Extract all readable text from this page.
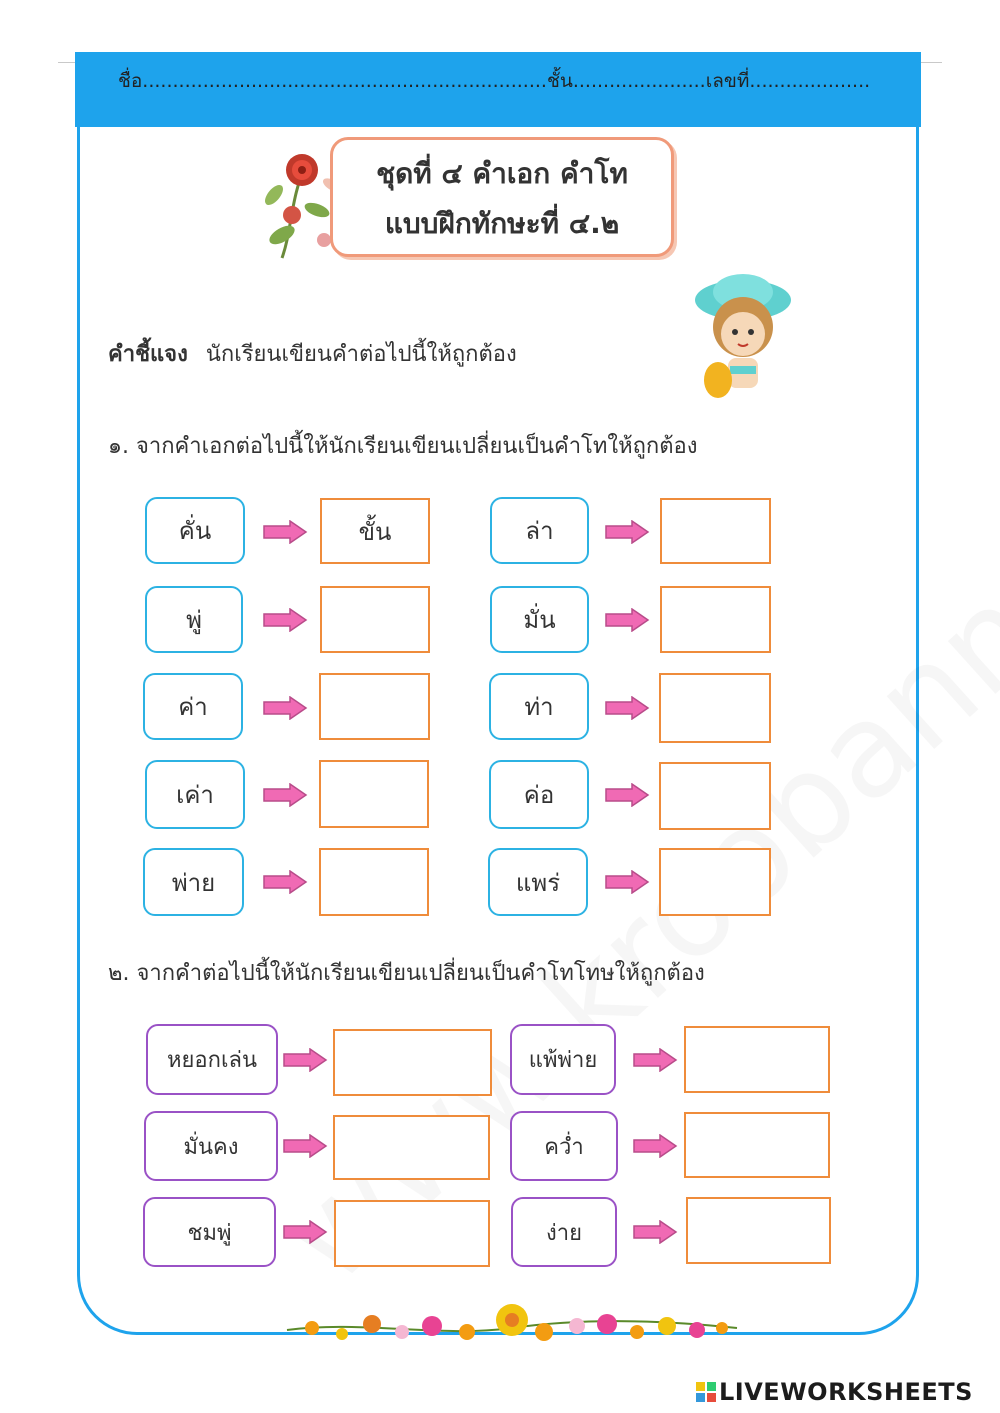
ชื่อ...................................................................ชั้น......................เลขที่....................
ชุดที่ ๔ คำเอก คำโท
แบบฝึกทักษะที่ ๔.๒
คำชี้แจง นักเรียนเขียนคำต่อไปนี้ให้ถูกต้อง
๑. จากคำเอกต่อไปนี้ให้นักเรียนเขียนเปลี่ยนเป็นคำโทให้ถูกต้อง
คั่น
พู่
ค่า
เค่า
พ่าย
ขั้น	ล่า
มั่น
ท่า
ค่อ
แพร่
๒. จากคำต่อไปนี้ให้นักเรียนเขียนเปลี่ยนเป็นคำโทโทษให้ถูกต้อง
หยอกเล่น
มั่นคง
ชมพู่
แพ้พ่าย
คว่ำ
ง่าย
LIVEWORKSHEETS
